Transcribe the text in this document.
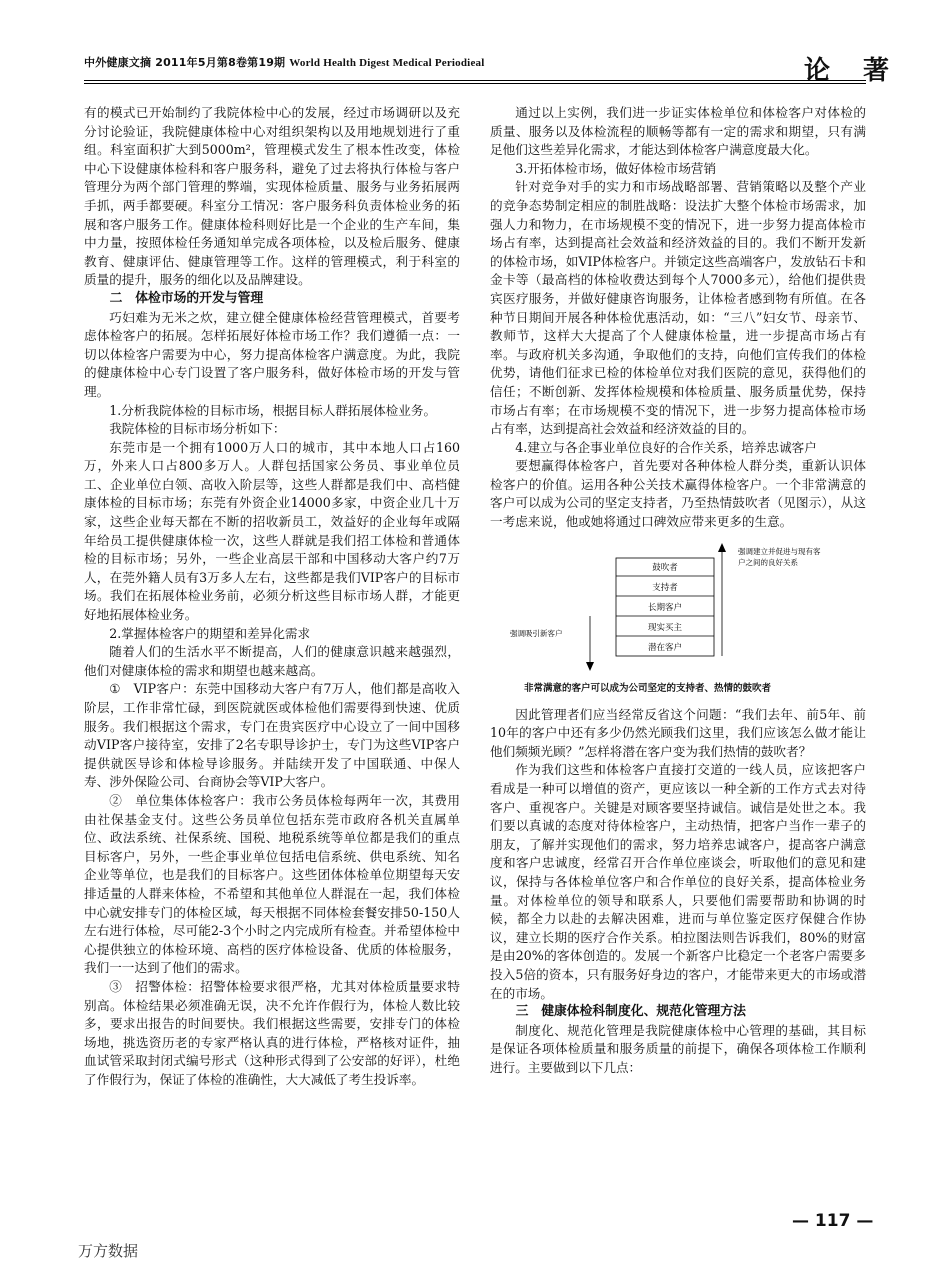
中外健康文摘 2011年5月第8卷第19期 World Health Digest Medical Periodieal	论 著

有的模式已开始制约了我院体检中心的发展，经过市场调研以及充分讨论验证，我院健康体检中心对组织架构以及用地规划进行了重组。科室面积扩大到5000m²，管理模式发生了根本性改变，体检中心下设健康体检科和客户服务科，避免了过去将执行体检与客户管理分为两个部门管理的弊端，实现体检质量、服务与业务拓展两手抓，两手都要硬。科室分工情况：客户服务科负责体检业务的拓展和客户服务工作。健康体检科则好比是一个企业的生产车间，集中力量，按照体检任务通知单完成各项体检，以及检后服务、健康教育、健康评估、健康管理等工作。这样的管理模式，利于科室的质量的提升，服务的细化以及品牌建设。

二　体检市场的开发与管理

巧妇难为无米之炊，建立健全健康体检经营管理模式，首要考虑体检客户的拓展。怎样拓展好体检市场工作？我们遵循一点：一切以体检客户需要为中心，努力提高体检客户满意度。为此，我院的健康体检中心专门设置了客户服务科，做好体检市场的开发与管理。

1.分析我院体检的目标市场，根据目标人群拓展体检业务。

我院体检的目标市场分析如下：

东莞市是一个拥有1000万人口的城市，其中本地人口占160万，外来人口占800多万人。人群包括国家公务员、事业单位员工、企业单位白领、高收入阶层等，这些人群都是我们中、高档健康体检的目标市场；东莞有外资企业14000多家，中资企业几十万家，这些企业每天都在不断的招收新员工，效益好的企业每年或隔年给员工提供健康体检一次，这些人群就是我们招工体检和普通体检的目标市场；另外，一些企业高层干部和中国移动大客户约7万人，在莞外籍人员有3万多人左右，这些都是我们VIP客户的目标市场。我们在拓展体检业务前，必须分析这些目标市场人群，才能更好地拓展体检业务。

2.掌握体检客户的期望和差异化需求

随着人们的生活水平不断提高，人们的健康意识越来越强烈，他们对健康体检的需求和期望也越来越高。

①　VIP客户：东莞中国移动大客户有7万人，他们都是高收入阶层，工作非常忙碌，到医院就医或体检他们需要得到快速、优质服务。我们根据这个需求，专门在贵宾医疗中心设立了一间中国移动VIP客户接待室，安排了2名专职导诊护士，专门为这些VIP客户提供就医导诊和体检导诊服务。并陆续开发了中国联通、中保人寿、涉外保险公司、台商协会等VIP大客户。

②　单位集体体检客户：我市公务员体检每两年一次，其费用由社保基金支付。这些公务员单位包括东莞市政府各机关直属单位、政法系统、社保系统、国税、地税系统等单位都是我们的重点目标客户，另外，一些企事业单位包括电信系统、供电系统、知名企业等单位，也是我们的目标客户。这些团体体检单位期望每天安排适量的人群来体检，不希望和其他单位人群混在一起，我们体检中心就安排专门的体检区域，每天根据不同体检套餐安排50-150人左右进行体检，尽可能2-3个小时之内完成所有检查。并希望体检中心提供独立的体检环境、高档的医疗体检设备、优质的体检服务，我们一一达到了他们的需求。

③　招警体检：招警体检要求很严格，尤其对体检质量要求特别高。体检结果必须准确无误，决不允许作假行为，体检人数比较多，要求出报告的时间要快。我们根据这些需要，安排专门的体检场地，挑选资历老的专家严格认真的进行体检，严格核对证件，抽血试管采取封闭式编号形式（这种形式得到了公安部的好评），杜绝了作假行为，保证了体检的准确性，大大减低了考生投诉率。

通过以上实例，我们进一步证实体检单位和体检客户对体检的质量、服务以及体检流程的顺畅等都有一定的需求和期望，只有满足他们这些差异化需求，才能达到体检客户满意度最大化。

3.开拓体检市场，做好体检市场营销

针对竞争对手的实力和市场战略部署、营销策略以及整个产业的竞争态势制定相应的制胜战略：设法扩大整个体检市场需求，加强人力和物力，在市场规模不变的情况下，进一步努力提高体检市场占有率，达到提高社会效益和经济效益的目的。我们不断开发新的体检市场，如VIP体检客户。并锁定这些高端客户，发放钻石卡和金卡等（最高档的体检收费达到每个人7000多元），给他们提供贵宾医疗服务，并做好健康咨询服务，让体检者感到物有所值。在各种节日期间开展各种体检优惠活动，如：“三八”妇女节、母亲节、教师节，这样大大提高了个人健康体检量，进一步提高市场占有率。与政府机关多沟通，争取他们的支持，向他们宣传我们的体检优势，请他们征求已检的体检单位对我们医院的意见，获得他们的信任；不断创新、发挥体检规模和体检质量、服务质量优势，保持市场占有率；在市场规模不变的情况下，进一步努力提高体检市场占有率，达到提高社会效益和经济效益的目的。

4.建立与各企事业单位良好的合作关系，培养忠诚客户

要想赢得体检客户，首先要对各种体检人群分类，重新认识体检客户的价值。运用各种公关技术赢得体检客户。一个非常满意的客户可以成为公司的坚定支持者，乃至热情鼓吹者（见图示），从这一考虑来说，他或她将通过口碑效应带来更多的生意。

鼓吹者
支持者
长期客户
现实买主
潜在客户
强调建立并促进与现有客
户之间的良好关系
强调吸引新客户
非常满意的客户可以成为公司坚定的支持者、热情的鼓吹者

因此管理者们应当经常反省这个问题：“我们去年、前5年、前10年的客户中还有多少仍然光顾我们这里，我们应该怎么做才能让他们频频光顾？”怎样将潜在客户变为我们热情的鼓吹者？

作为我们这些和体检客户直接打交道的一线人员，应该把客户看成是一种可以增值的资产，更应该以一种全新的工作方式去对待客户、重视客户。关键是对顾客要坚持诚信。诚信是处世之本。我们要以真诚的态度对待体检客户，主动热情，把客户当作一辈子的朋友，了解并实现他们的需求，努力培养忠诚客户，提高客户满意度和客户忠诚度，经常召开合作单位座谈会，听取他们的意见和建议，保持与各体检单位客户和合作单位的良好关系，提高体检业务量。对体检单位的领导和联系人，只要他们需要帮助和协调的时候，都全力以赴的去解决困难，进而与单位鉴定医疗保健合作协议，建立长期的医疗合作关系。柏拉图法则告诉我们，80%的财富是由20%的客体创造的。发展一个新客户比稳定一个老客户需要多投入5倍的资本，只有服务好身边的客户，才能带来更大的市场或潜在的市场。

三　健康体检科制度化、规范化管理方法

制度化、规范化管理是我院健康体检中心管理的基础，其目标是保证各项体检质量和服务质量的前提下，确保各项体检工作顺利进行。主要做到以下几点：

— 117 —
万方数据
